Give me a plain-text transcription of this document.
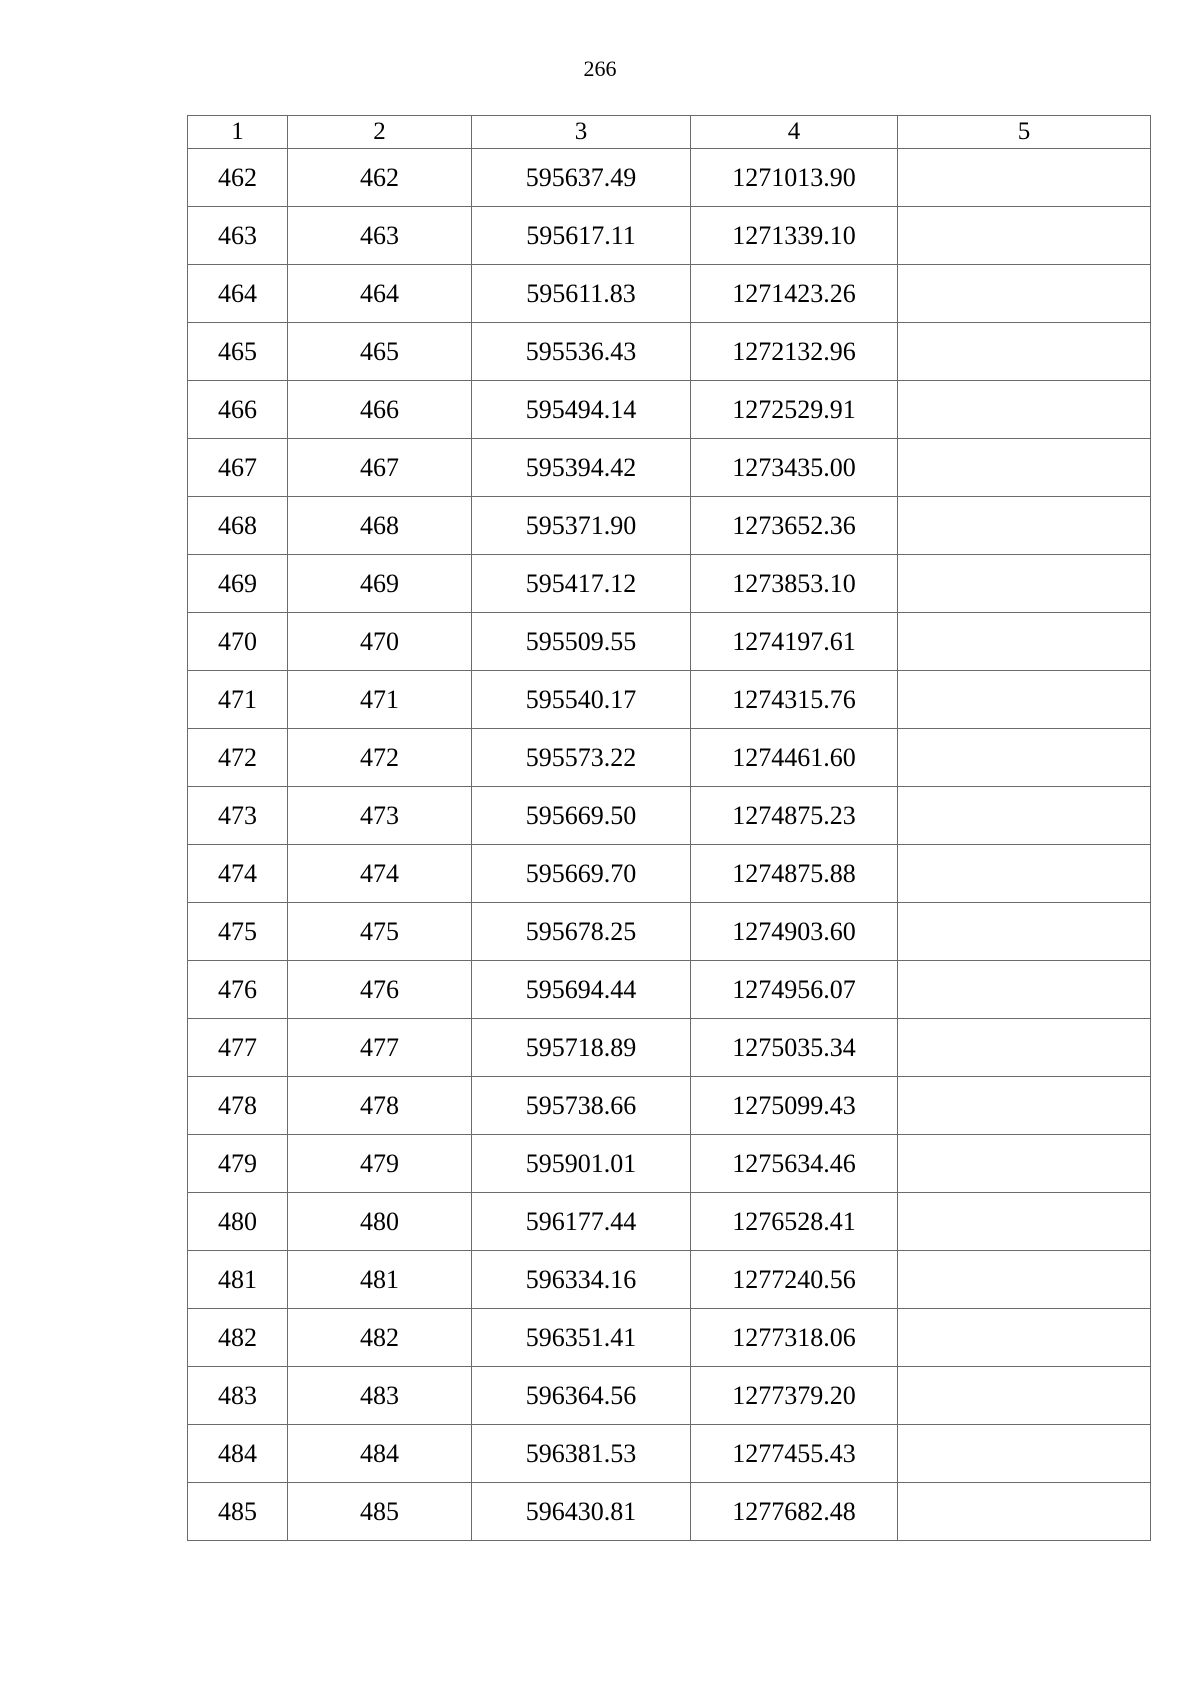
266
1	2	3	4	5
462	462	595637.49	1271013.90	
463	463	595617.11	1271339.10	
464	464	595611.83	1271423.26	
465	465	595536.43	1272132.96	
466	466	595494.14	1272529.91	
467	467	595394.42	1273435.00	
468	468	595371.90	1273652.36	
469	469	595417.12	1273853.10	
470	470	595509.55	1274197.61	
471	471	595540.17	1274315.76	
472	472	595573.22	1274461.60	
473	473	595669.50	1274875.23	
474	474	595669.70	1274875.88	
475	475	595678.25	1274903.60	
476	476	595694.44	1274956.07	
477	477	595718.89	1275035.34	
478	478	595738.66	1275099.43	
479	479	595901.01	1275634.46	
480	480	596177.44	1276528.41	
481	481	596334.16	1277240.56	
482	482	596351.41	1277318.06	
483	483	596364.56	1277379.20	
484	484	596381.53	1277455.43	
485	485	596430.81	1277682.48	
